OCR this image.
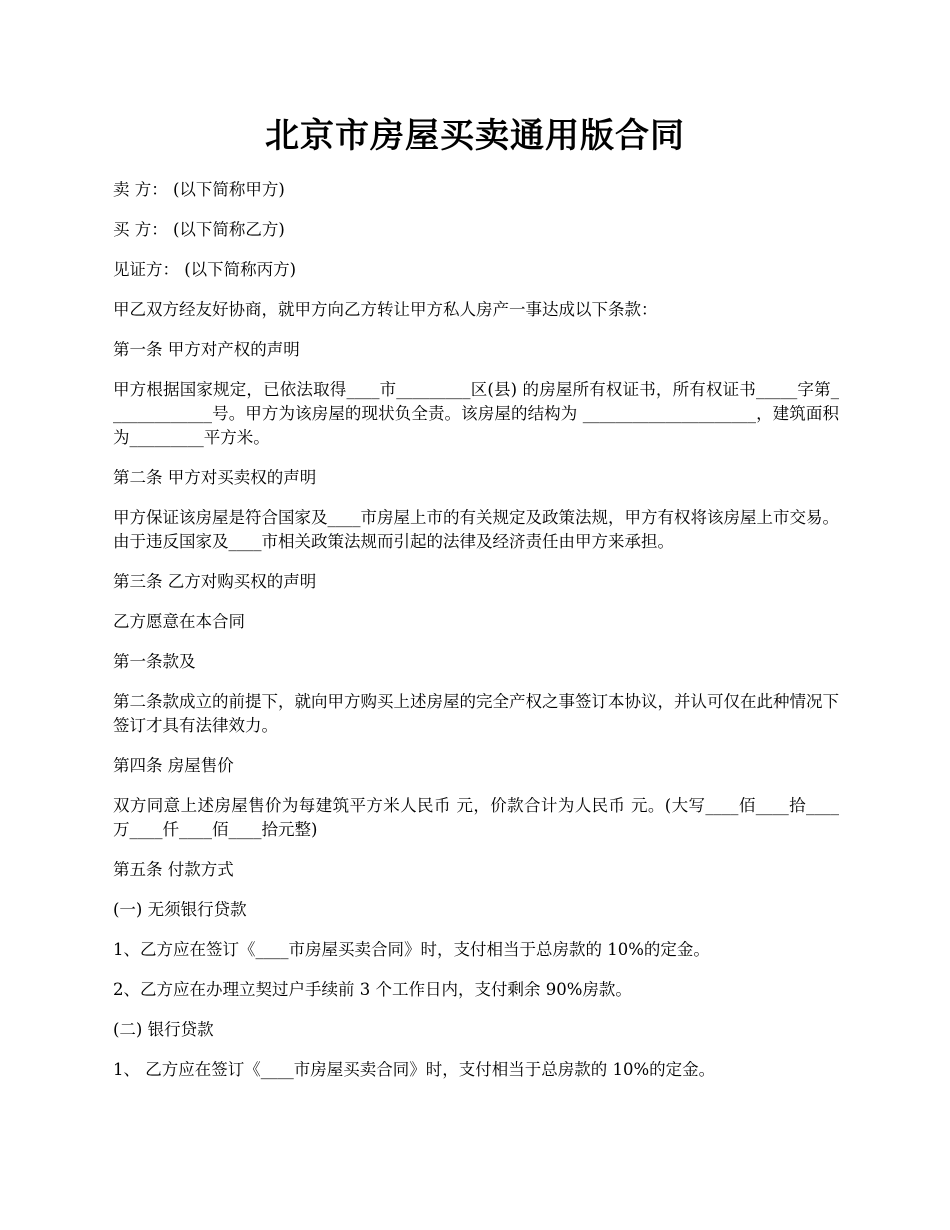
北京市房屋买卖通用版合同

卖 方： (以下简称甲方)

买 方： (以下简称乙方)

见证方： (以下简称丙方)

甲乙双方经友好协商，就甲方向乙方转让甲方私人房产一事达成以下条款：

第一条 甲方对产权的声明

甲方根据国家规定，已依法取得____市_________区(县) 的房屋所有权证书，所有权证书_____字第_____________号。甲方为该房屋的现状负全责。该房屋的结构为 _____________________，建筑面积为_________平方米。

第二条 甲方对买卖权的声明

甲方保证该房屋是符合国家及____市房屋上市的有关规定及政策法规，甲方有权将该房屋上市交易。由于违反国家及____市相关政策法规而引起的法律及经济责任由甲方来承担。

第三条 乙方对购买权的声明

乙方愿意在本合同

第一条款及

第二条款成立的前提下，就向甲方购买上述房屋的完全产权之事签订本协议，并认可仅在此种情况下签订才具有法律效力。

第四条 房屋售价

双方同意上述房屋售价为每建筑平方米人民币 元，价款合计为人民币 元。(大写____佰____拾____万____仟____佰____拾元整)

第五条 付款方式

(一) 无须银行贷款

1、乙方应在签订《____市房屋买卖合同》时，支付相当于总房款的 10%的定金。

2、乙方应在办理立契过户手续前 3 个工作日内，支付剩余 90%房款。

(二) 银行贷款

1、 乙方应在签订《____市房屋买卖合同》时，支付相当于总房款的 10%的定金。
